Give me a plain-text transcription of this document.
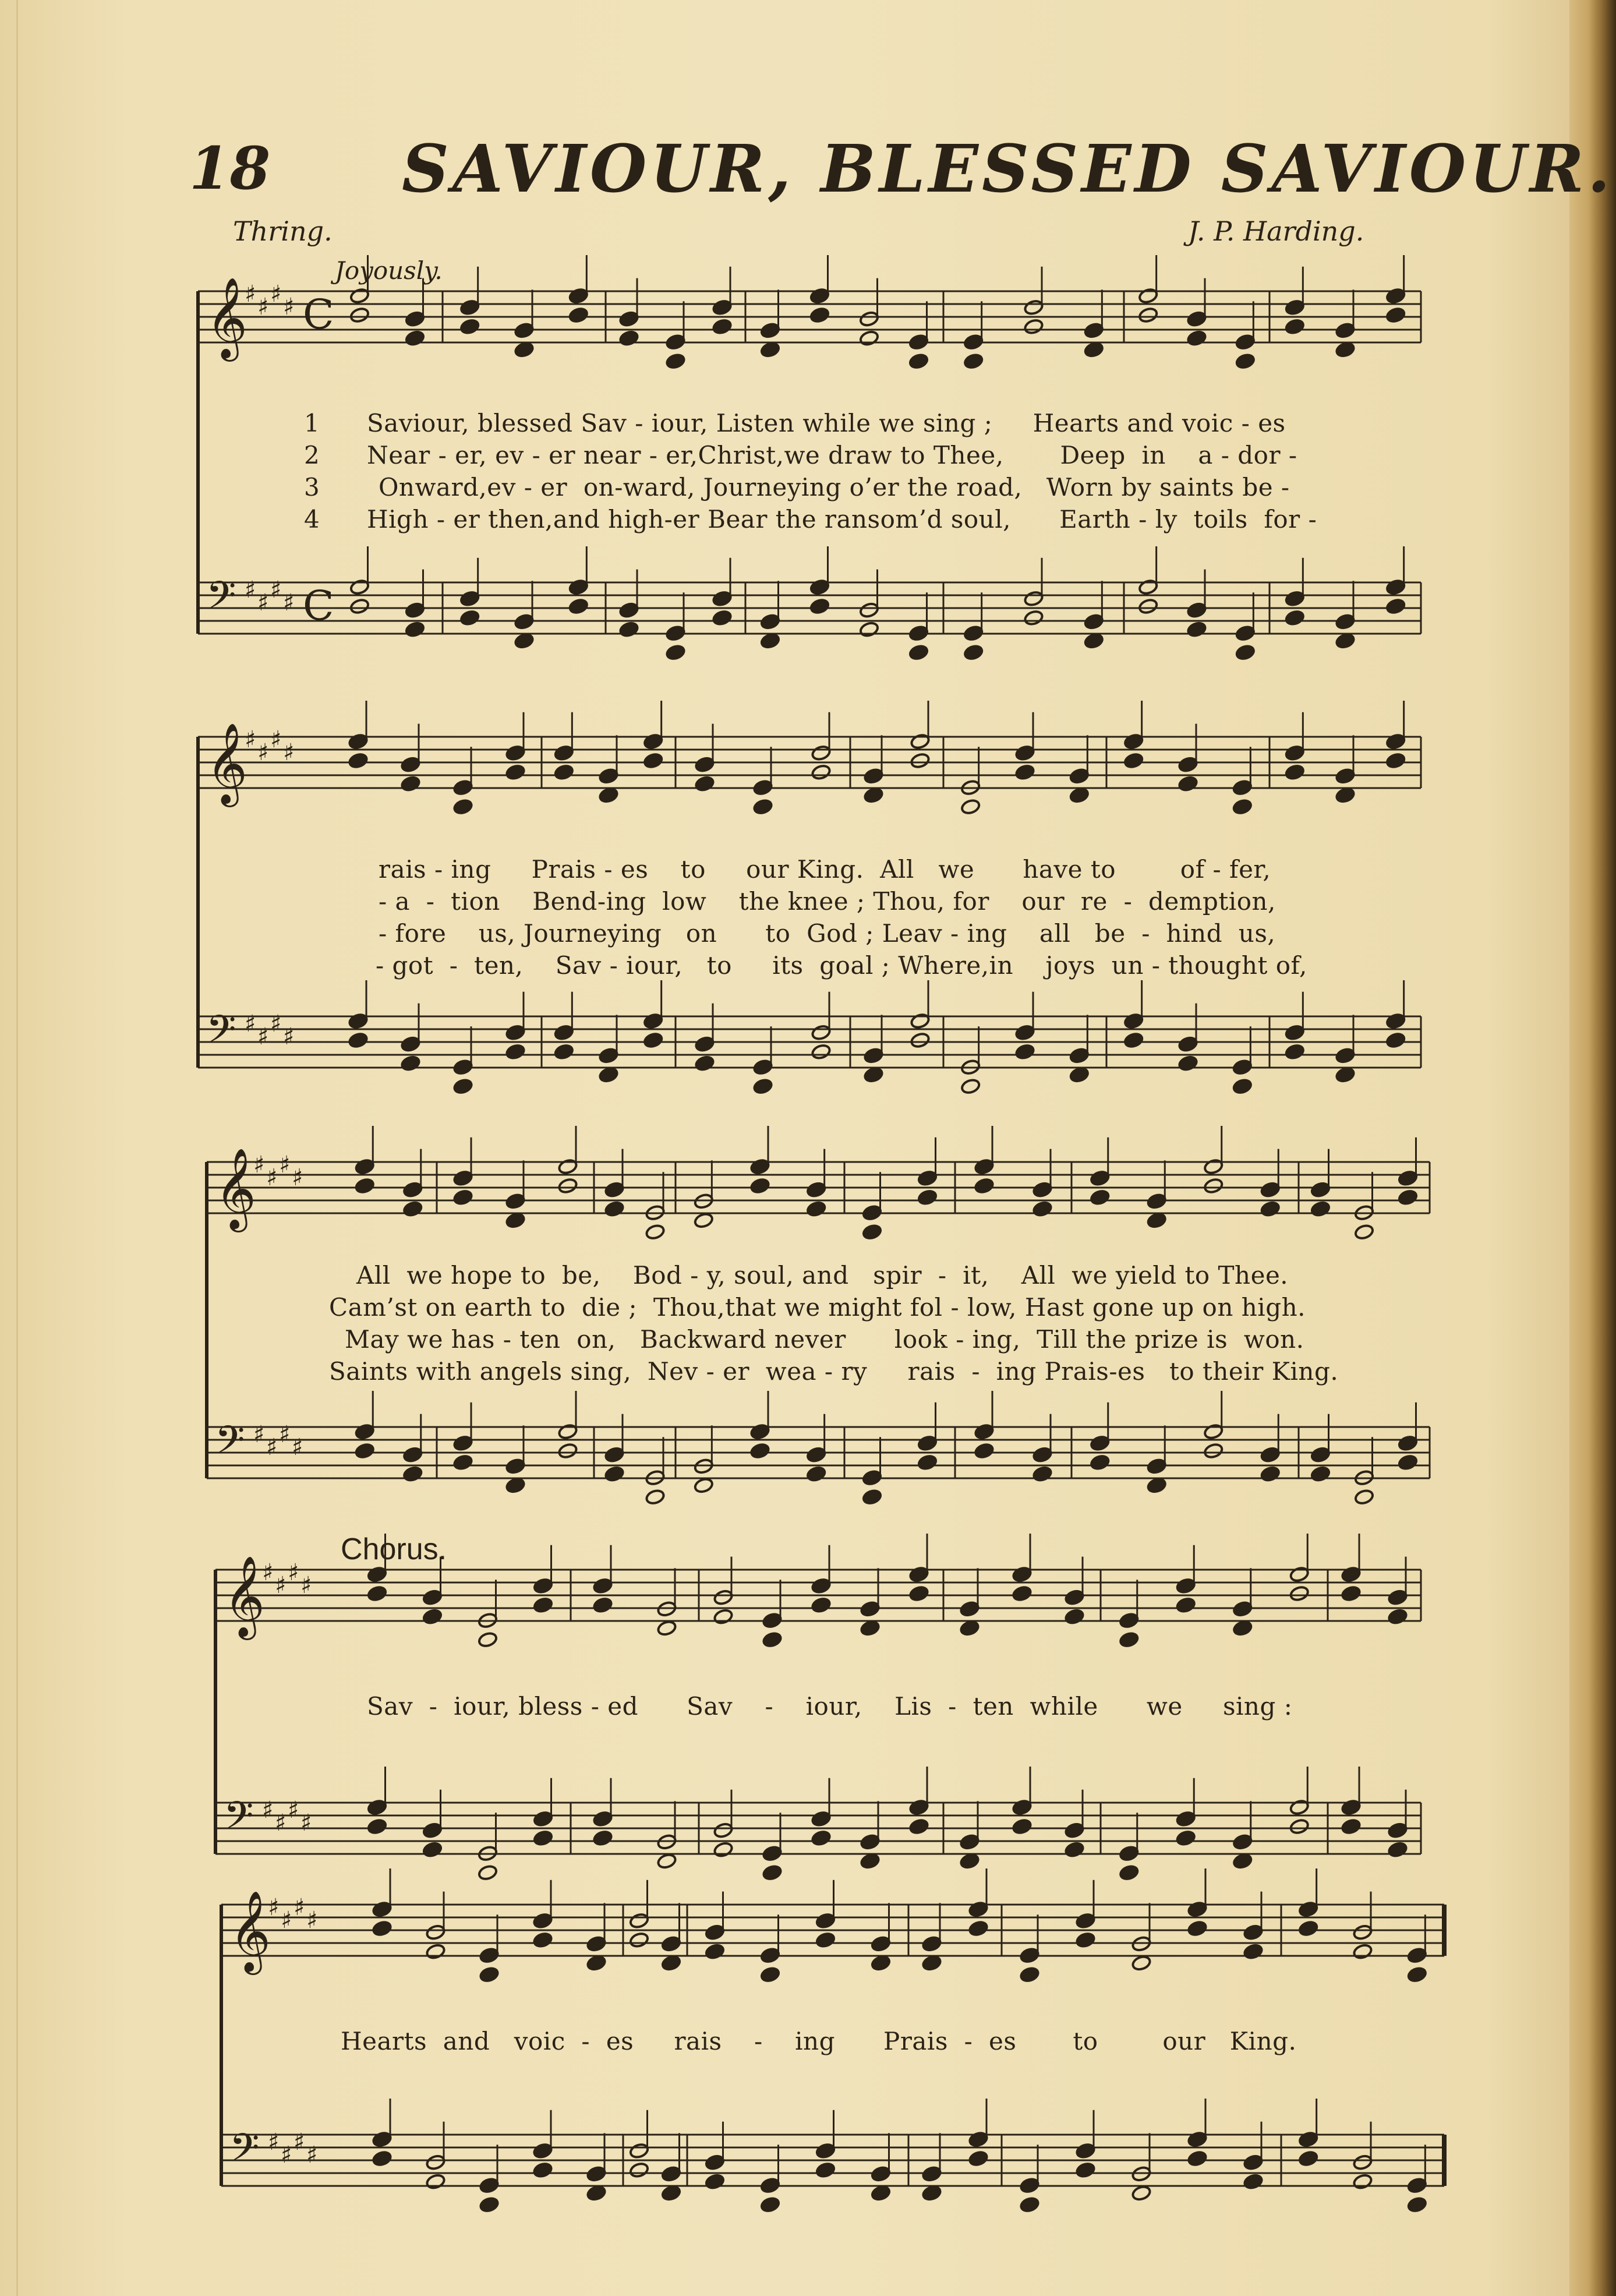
18 SAVIOUR, BLESSED SAVIOUR.
Thring.	J. P. Harding.
Joyously.
Chorus.
𝄞
♯ ♯ ♯ ♯ C
𝄢 ♯ ♯ ♯ ♯ C
𝄞
♯ ♯ ♯ ♯
𝄢 ♯ ♯ ♯ ♯
𝄞
♯ ♯ ♯ ♯
𝄢 ♯ ♯ ♯ ♯
𝄞
♯ ♯ ♯ ♯
𝄢 ♯ ♯ ♯ ♯
𝄞
♯ ♯ ♯ ♯
𝄢 ♯ ♯ ♯ ♯
1
2
3
4
Saviour, blessed Sav - iour, Listen while we sing ;     Hearts and voic - es
Near - er, ev - er near - er,Christ,we draw to Thee,       Deep  in    a - dor -
Onward,ev - er  on-ward, Journeying o’er the road,   Worn by saints be -
High - er then,and high-er Bear the ransom’d soul,      Earth - ly  toils  for -
rais - ing     Prais - es    to     our King.  All   we      have to        of - fer,
- a  -  tion    Bend-ing  low    the knee ; Thou, for    our  re  -  demption,
- fore    us, Journeying   on      to  God ; Leav - ing    all   be  -  hind  us,
- got  -  ten,    Sav - iour,   to     its  goal ; Where,in    joys  un - thought of,
All  we hope to  be,    Bod - y, soul, and   spir  -  it,    All  we yield to Thee.
Cam’st on earth to  die ;  Thou,that we might fol - low, Hast gone up on high.
May we has - ten  on,   Backward never      look - ing,  Till the prize is  won.
Saints with angels sing,  Nev - er  wea - ry     rais  -  ing Prais-es   to their King.
Sav  -  iour, bless - ed      Sav    -    iour,    Lis  -  ten  while      we     sing :
Hearts  and   voic  -  es     rais    -    ing      Prais  -  es       to        our   King.
